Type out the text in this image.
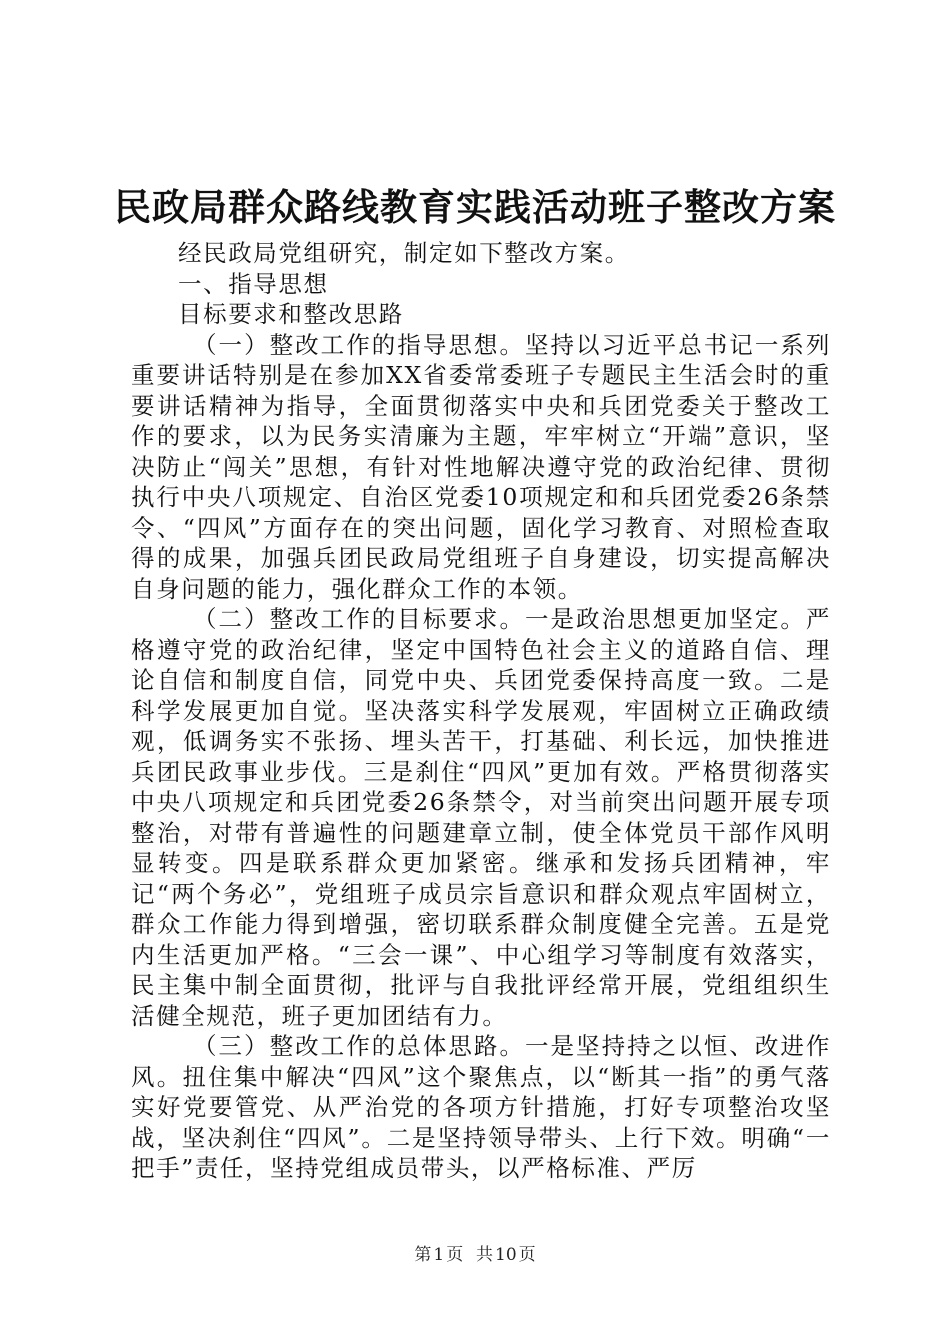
民政局群众路线教育实践活动班子整改方案

经民政局党组研究，制定如下整改方案。

一、指导思想

目标要求和整改思路

（一）整改工作的指导思想。坚持以习近平总书记一系列重要讲话特别是在参加XX省委常委班子专题民主生活会时的重要讲话精神为指导，全面贯彻落实中央和兵团党委关于整改工作的要求，以为民务实清廉为主题，牢牢树立“开端”意识，坚决防止“闯关”思想，有针对性地解决遵守党的政治纪律、贯彻执行中央八项规定、自治区党委10项规定和和兵团党委26条禁令、“四风”方面存在的突出问题，固化学习教育、对照检查取得的成果，加强兵团民政局党组班子自身建设，切实提高解决自身问题的能力，强化群众工作的本领。

（二）整改工作的目标要求。一是政治思想更加坚定。严格遵守党的政治纪律，坚定中国特色社会主义的道路自信、理论自信和制度自信，同党中央、兵团党委保持高度一致。二是科学发展更加自觉。坚决落实科学发展观，牢固树立正确政绩观，低调务实不张扬、埋头苦干，打基础、利长远，加快推进兵团民政事业步伐。三是刹住“四风”更加有效。严格贯彻落实中央八项规定和兵团党委26条禁令，对当前突出问题开展专项整治，对带有普遍性的问题建章立制，使全体党员干部作风明显转变。四是联系群众更加紧密。继承和发扬兵团精神，牢记“两个务必”，党组班子成员宗旨意识和群众观点牢固树立，群众工作能力得到增强，密切联系群众制度健全完善。五是党内生活更加严格。“三会一课”、中心组学习等制度有效落实，民主集中制全面贯彻，批评与自我批评经常开展，党组组织生活健全规范，班子更加团结有力。

（三）整改工作的总体思路。一是坚持持之以恒、改进作风。扭住集中解决“四风”这个聚焦点，以“断其一指”的勇气落实好党要管党、从严治党的各项方针措施，打好专项整治攻坚战，坚决刹住“四风”。二是坚持领导带头、上行下效。明确“一把手”责任，坚持党组成员带头，以严格标准、严厉

第 1 页 共 10 页
